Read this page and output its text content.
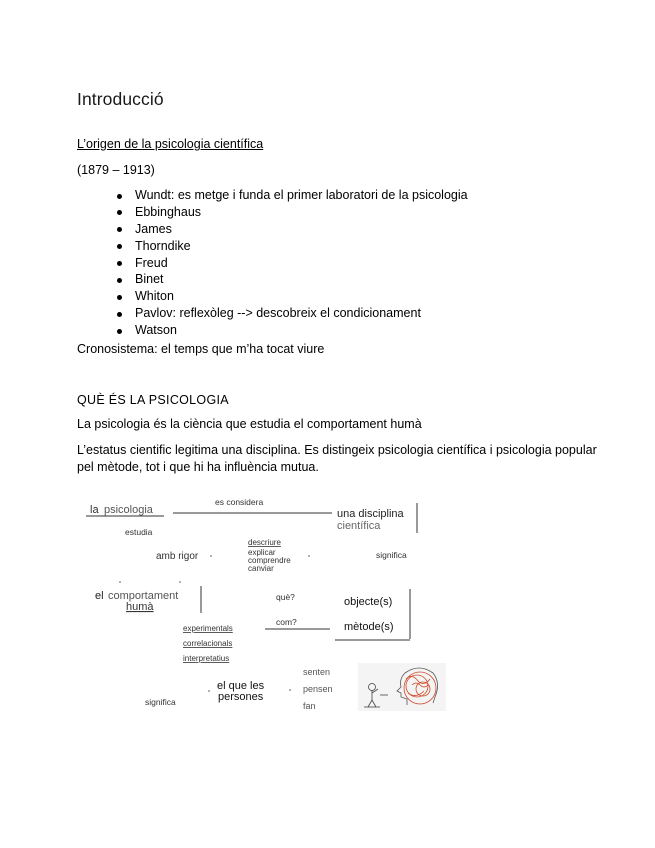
Introducció
L’origen de la psicologia científica
(1879 – 1913)
Wundt: es metge i funda el primer laboratori de la psicologia
Ebbinghaus
James
Thorndike
Freud
Binet
Whiton
Pavlov: reflexòleg --> descobreix el condicionament
Watson
Cronosistema: el temps que m’ha tocat viure
QUÈ ÉS LA PSICOLOGIA
La psicologia és la ciència que estudia el comportament humà
L’estatus cientific legitima una disciplina. Es distingeix psicologia científica i psicologia popular pel mètode, tot i que hi ha influència mutua.
la psicologia
es considera
una disciplina
científica
estudia
amb rigor
descriure
explicar
comprendre
canviar
significa
el comportament
humà
què?	objecte(s)
com?	mètode(s)
experimentals
correlacionals
interpretatius
significa
el que les
persones
senten
pensen
fan
